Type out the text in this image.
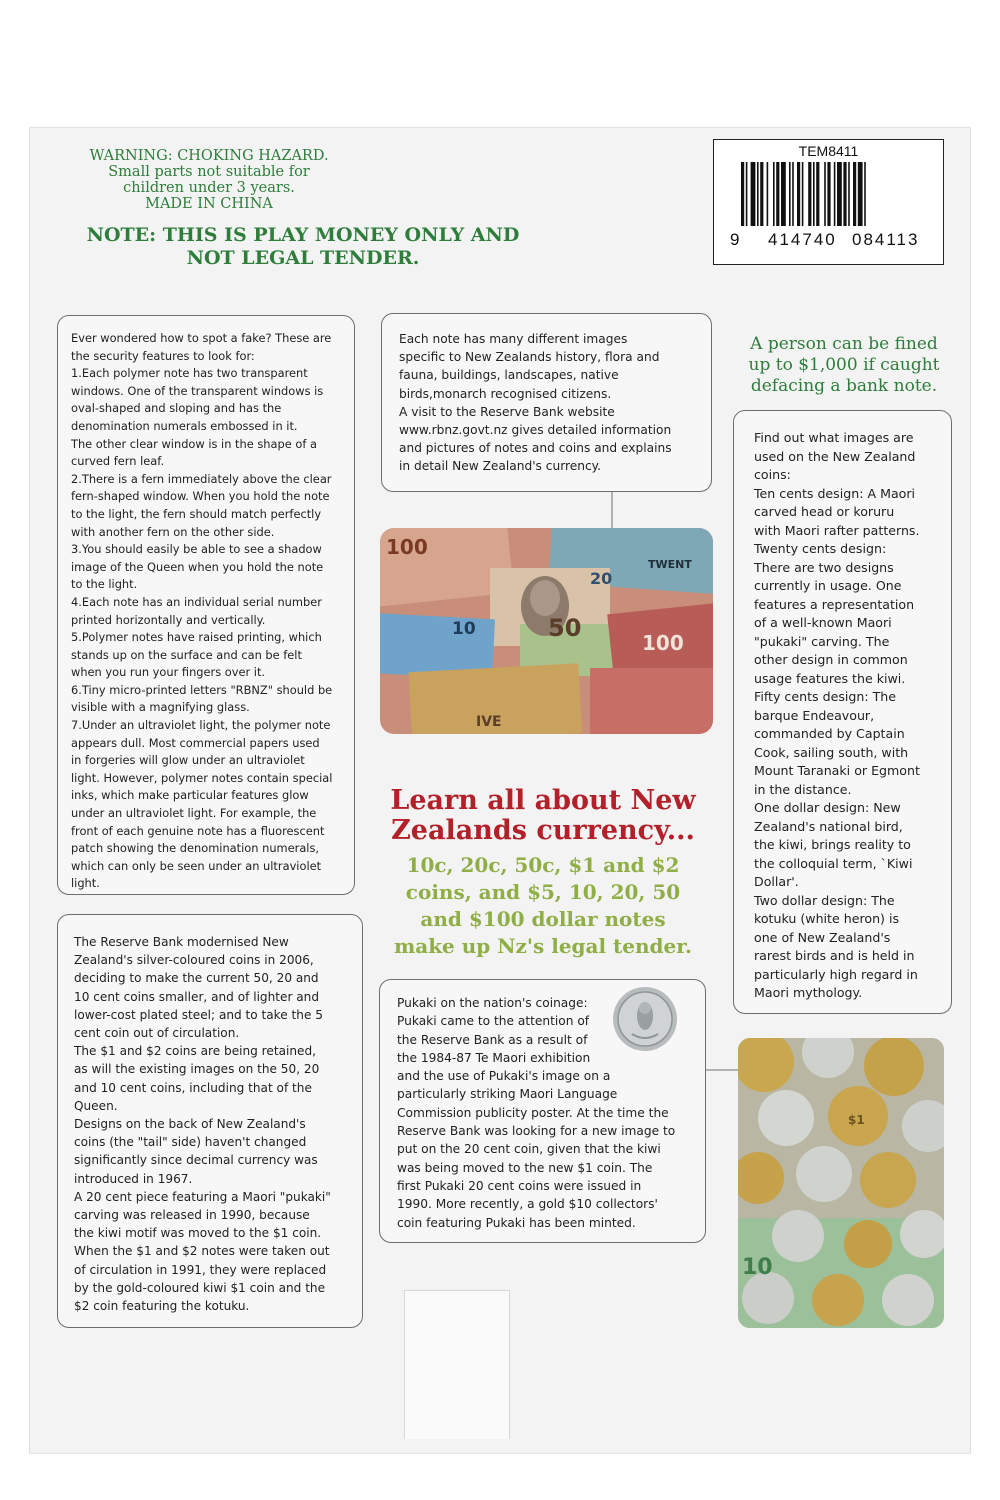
WARNING: CHOKING HAZARD.
Small parts not suitable for
children under 3 years.
MADE IN CHINA
NOTE: THIS IS PLAY MONEY ONLY AND
NOT LEGAL TENDER.
TEM8411
9 414740 084113
Ever wondered how to spot a fake? These are
the security features to look for:
1.Each polymer note has two transparent
windows. One of the transparent windows is
oval-shaped and sloping and has the
denomination numerals embossed in it.
The other clear window is in the shape of a
curved fern leaf.
2.There is a fern immediately above the clear
fern-shaped window. When you hold the note
to the light, the fern should match perfectly
with another fern on the other side.
3.You should easily be able to see a shadow
image of the Queen when you hold the note
to the light.
4.Each note has an individual serial number
printed horizontally and vertically.
5.Polymer notes have raised printing, which
stands up on the surface and can be felt
when you run your fingers over it.
6.Tiny micro-printed letters "RBNZ" should be
visible with a magnifying glass.
7.Under an ultraviolet light, the polymer note
appears dull. Most commercial papers used
in forgeries will glow under an ultraviolet
light. However, polymer notes contain special
inks, which make particular features glow
under an ultraviolet light. For example, the
front of each genuine note has a fluorescent
patch showing the denomination numerals,
which can only be seen under an ultraviolet
light.
Each note has many different images
specific to New Zealands history, flora and
fauna, buildings, landscapes, native
birds,monarch recognised citizens.
A visit to the Reserve Bank website
www.rbnz.govt.nz gives detailed information
and pictures of notes and coins and explains
in detail New Zealand's currency.
A person can be fined
up to $1,000 if caught
defacing a bank note.
Find out what images are
used on the New Zealand
coins:
Ten cents design: A Maori
carved head or koruru
with Maori rafter patterns.
Twenty cents design:
There are two designs
currently in usage. One
features a representation
of a well-known Maori
"pukaki" carving. The
other design in common
usage features the kiwi.
Fifty cents design: The
barque Endeavour,
commanded by Captain
Cook, sailing south, with
Mount Taranaki or Egmont
in the distance.
One dollar design: New
Zealand's national bird,
the kiwi, brings reality to
the colloquial term, `Kiwi
Dollar'.
Two dollar design: The
kotuku (white heron) is
one of New Zealand's
rarest birds and is held in
particularly high regard in
Maori mythology.
100
20
10	50
100
TWENT
IVE
Learn all about New
Zealands currency...
10c, 20c, 50c, $1 and $2
coins, and $5, 10, 20, 50
and $100 dollar notes
make up Nz's legal tender.
The Reserve Bank modernised New
Zealand's silver-coloured coins in 2006,
deciding to make the current 50, 20 and
10 cent coins smaller, and of lighter and
lower-cost plated steel; and to take the 5
cent coin out of circulation.
The $1 and $2 coins are being retained,
as will the existing images on the 50, 20
and 10 cent coins, including that of the
Queen.
Designs on the back of New Zealand's
coins (the "tail" side) haven't changed
significantly since decimal currency was
introduced in 1967.
A 20 cent piece featuring a Maori "pukaki"
carving was released in 1990, because
the kiwi motif was moved to the $1 coin.
When the $1 and $2 notes were taken out
of circulation in 1991, they were replaced
by the gold-coloured kiwi $1 coin and the
$2 coin featuring the kotuku.
Pukaki on the nation's coinage:
Pukaki came to the attention of
the Reserve Bank as a result of
the 1984-87 Te Maori exhibition
and the use of Pukaki's image on a
particularly striking Maori Language
Commission publicity poster. At the time the
Reserve Bank was looking for a new image to
put on the 20 cent coin, given that the kiwi
was being moved to the new $1 coin. The
first Pukaki 20 cent coins were issued in
1990. More recently, a gold $10 collectors'
coin featuring Pukaki has been minted.
10
$1
